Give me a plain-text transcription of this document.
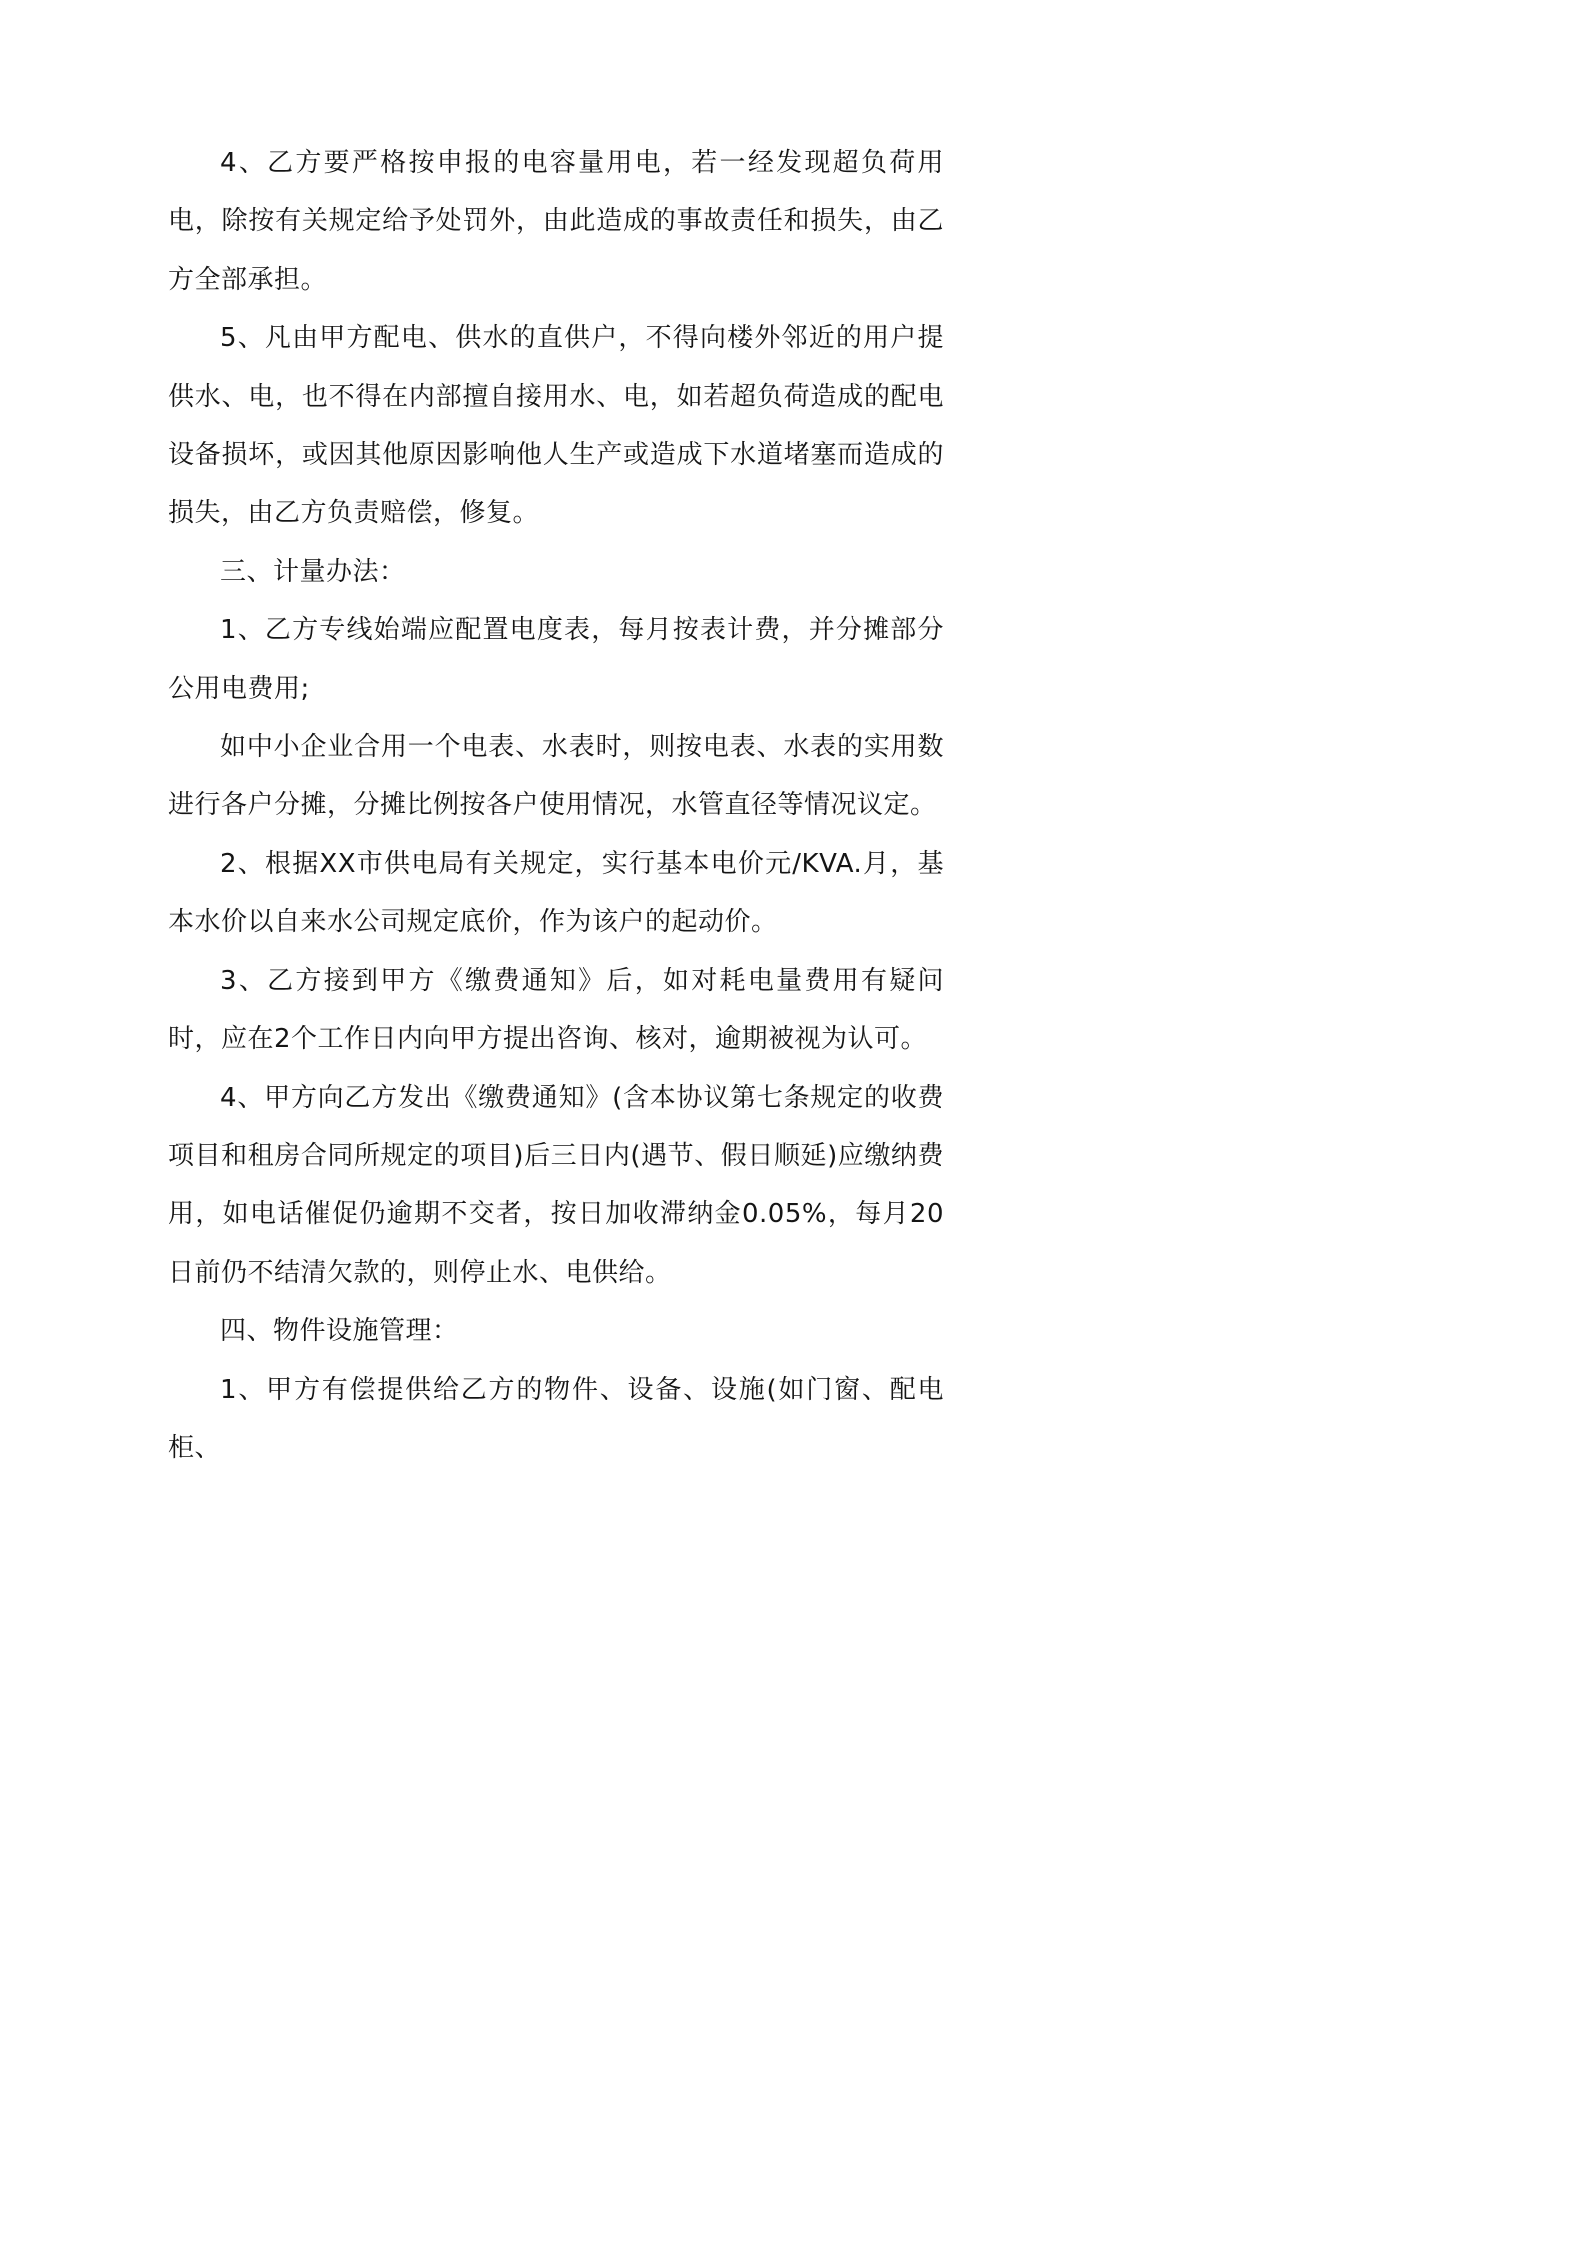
4、乙方要严格按申报的电容量用电，若一经发现超负荷用电，除按有关规定给予处罚外，由此造成的事故责任和损失，由乙方全部承担。

5、凡由甲方配电、供水的直供户，不得向楼外邻近的用户提供水、电，也不得在内部擅自接用水、电，如若超负荷造成的配电设备损坏，或因其他原因影响他人生产或造成下水道堵塞而造成的损失，由乙方负责赔偿，修复。

三、计量办法：

1、乙方专线始端应配置电度表，每月按表计费，并分摊部分公用电费用;

如中小企业合用一个电表、水表时，则按电表、水表的实用数进行各户分摊，分摊比例按各户使用情况，水管直径等情况议定。

2、根据XX市供电局有关规定，实行基本电价元/KVA.月，基本水价以自来水公司规定底价，作为该户的起动价。

3、乙方接到甲方《缴费通知》后，如对耗电量费用有疑问时，应在2个工作日内向甲方提出咨询、核对，逾期被视为认可。

4、甲方向乙方发出《缴费通知》(含本协议第七条规定的收费项目和租房合同所规定的项目)后三日内(遇节、假日顺延)应缴纳费用，如电话催促仍逾期不交者，按日加收滞纳金0.05%，每月20日前仍不结清欠款的，则停止水、电供给。

四、物件设施管理：

1、甲方有偿提供给乙方的物件、设备、设施(如门窗、配电柜、
